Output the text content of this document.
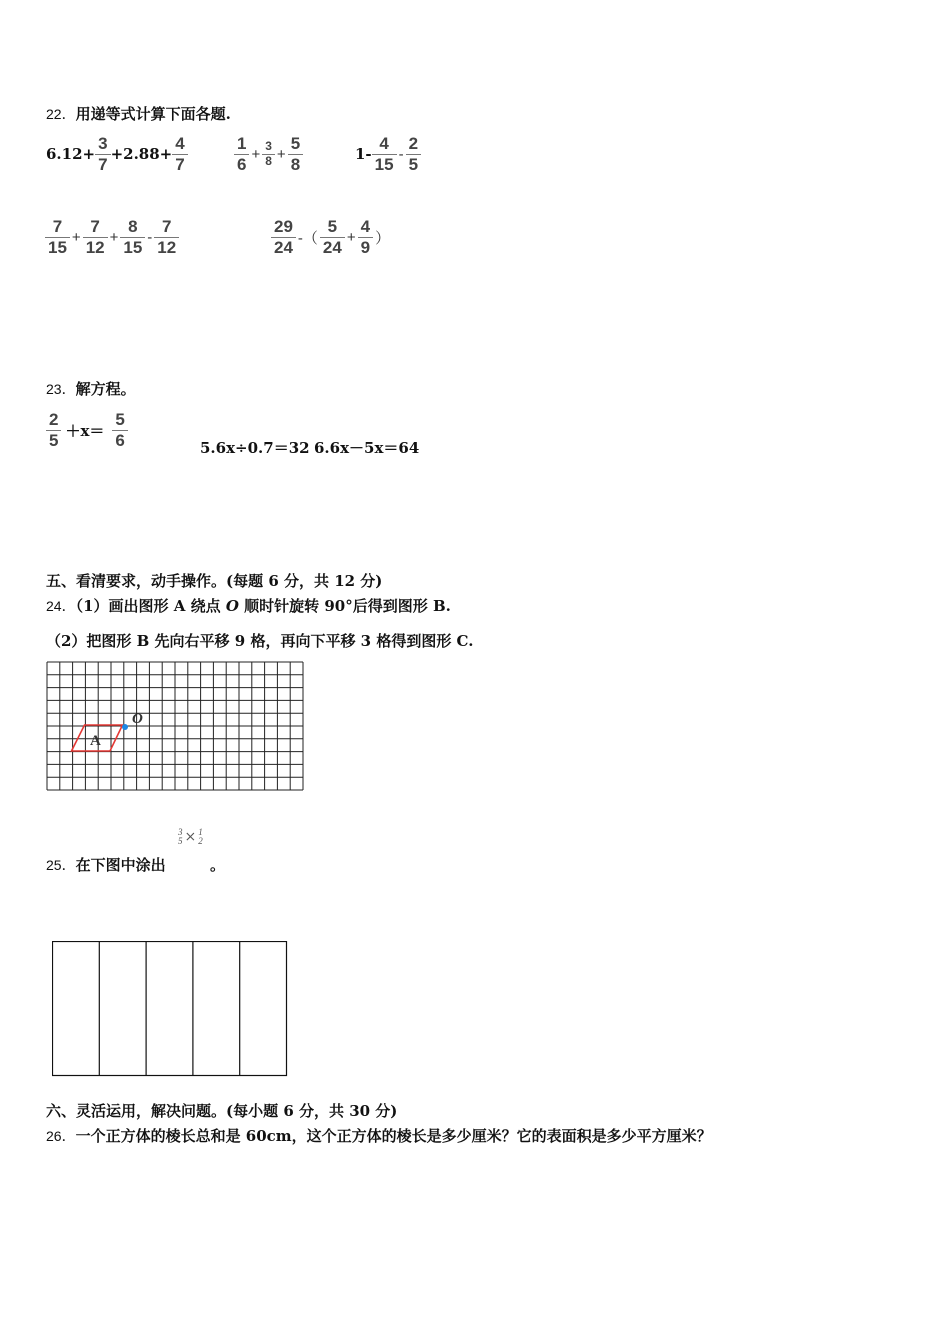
22．用递等式计算下面各题.
$6.12+ \frac{3}{7} +2.88+ \frac{4}{7}$	$\frac{1}{6} + \frac{3}{8} + \frac{5}{8}$	$1- \frac{4}{15} - \frac{2}{5}$
$\frac{7}{15} + \frac{7}{12} + \frac{8}{15} - \frac{7}{12}$	$\frac{29}{24}$ -（ $\frac{5}{24} + \frac{4}{9}$ ）
23．解方程。
$\frac{2}{5} +x= \frac{5}{6}$	5.6x÷0.7＝32 6.6x－5x＝64
五、看清要求，动手操作。(每题 6 分，共 12 分)
24．（1）画出图形 A 绕点 O 顺时针旋转 90°后得到图形 B.
（2）把图形 B 先向右平移 9 格，再向下平移 3 格得到图形 C.
A
O
25．在下图中涂出
3
5 × 1
2
。
六、灵活运用，解决问题。(每小题 6 分，共 30 分)
26．一个正方体的棱长总和是 60cm，这个正方体的棱长是多少厘米？它的表面积是多少平方厘米？
